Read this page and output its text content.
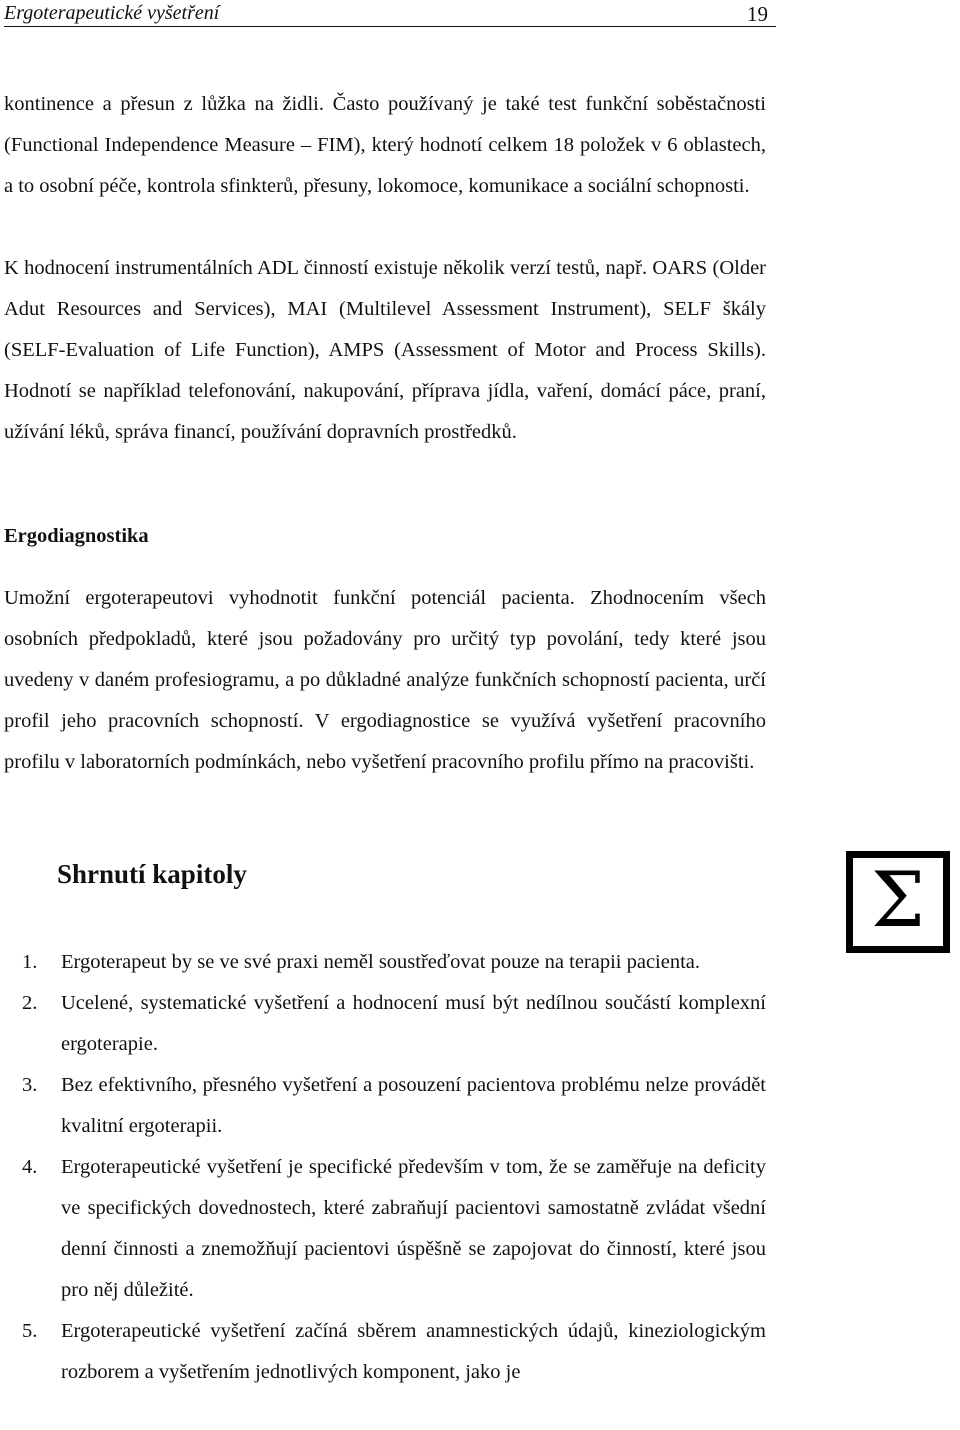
Ergoterapeutické vyšetření	19

kontinence a přesun z lůžka na židli. Často používaný je také test funkční soběstačnosti (Functional Independence Measure – FIM), který hodnotí celkem 18 položek v 6 oblastech, a to osobní péče, kontrola sfinkterů, přesuny, lokomoce, komunikace a sociální schopnosti.

K hodnocení instrumentálních ADL činností existuje několik verzí testů, např. OARS (Older Adut Resources and Services), MAI (Multilevel Assessment Instrument), SELF škály (SELF-Evaluation of Life Function), AMPS (Assessment of Motor and Process Skills). Hodnotí se například telefonování, nakupování, příprava jídla, vaření, domácí páce, praní, užívání léků, správa financí, používání dopravních prostředků.

Ergodiagnostika

Umožní ergoterapeutovi vyhodnotit funkční potenciál pacienta. Zhodnocením všech osobních předpokladů, které jsou požadovány pro určitý typ povolání, tedy které jsou uvedeny v daném profesiogramu, a po důkladné analýze funkčních schopností pacienta, určí profil jeho pracovních schopností. V ergodiagnostice se využívá vyšetření pracovního profilu v laboratorních podmínkách, nebo vyšetření pracovního profilu přímo na pracovišti.

Shrnutí kapitoly	Σ
1.	Ergoterapeut by se ve své praxi neměl soustřeďovat pouze na terapii pacienta.
2.	Ucelené, systematické vyšetření a hodnocení musí být nedílnou součástí komplexní ergoterapie.
3.	Bez efektivního, přesného vyšetření a posouzení pacientova problému nelze provádět kvalitní ergoterapii.
4.	Ergoterapeutické vyšetření je specifické především v tom, že se zaměřuje na deficity ve specifických dovednostech, které zabraňují pacientovi samostatně zvládat všední denní činnosti a znemožňují pacientovi úspěšně se zapojovat do činností, které jsou pro něj důležité.
5.	Ergoterapeutické vyšetření začíná sběrem anamnestických údajů, kineziologickým rozborem a vyšetřením jednotlivých komponent, jako je
